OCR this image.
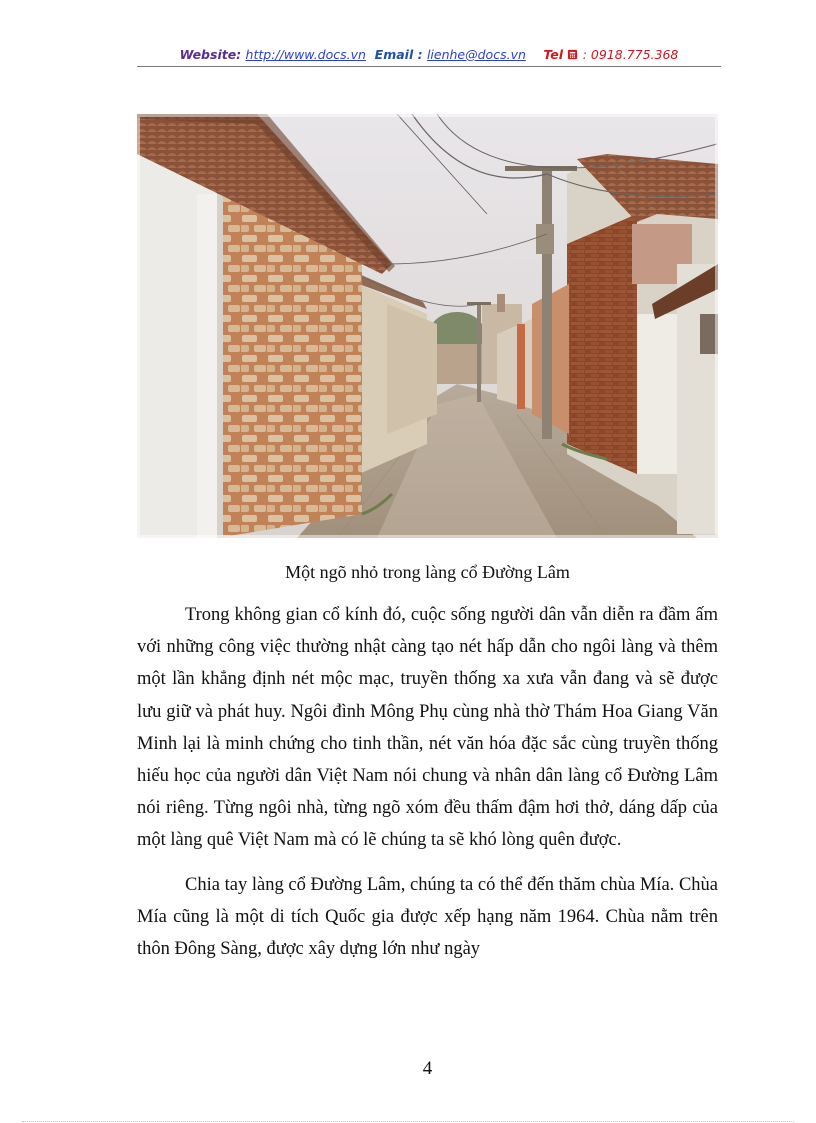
Website: http://www.docs.vn Email : lienhe@docs.vn Tel : 0918.775.368
Một ngõ nhỏ trong làng cổ Đường Lâm

Trong không gian cổ kính đó, cuộc sống người dân vẫn diễn ra đầm ấm với những công việc thường nhật càng tạo nét hấp dẫn cho ngôi làng và thêm một lần khẳng định nét mộc mạc, truyền thống xa xưa vẫn đang và sẽ được lưu giữ và phát huy. Ngôi đình Mông Phụ cùng nhà thờ Thám Hoa Giang Văn Minh lại là minh chứng cho tinh thần, nét văn hóa đặc sắc cùng truyền thống hiếu học của người dân Việt Nam nói chung và nhân dân làng cổ Đường Lâm nói riêng. Từng ngôi nhà, từng ngõ xóm đều thấm đậm hơi thở, dáng dấp của một làng quê Việt Nam mà có lẽ chúng ta sẽ khó lòng quên được.

Chia tay làng cổ Đường Lâm, chúng ta có thể đến thăm chùa Mía. Chùa Mía cũng là một di tích Quốc gia được xếp hạng năm 1964. Chùa nằm trên thôn Đông Sàng, được xây dựng lớn như ngày

4
